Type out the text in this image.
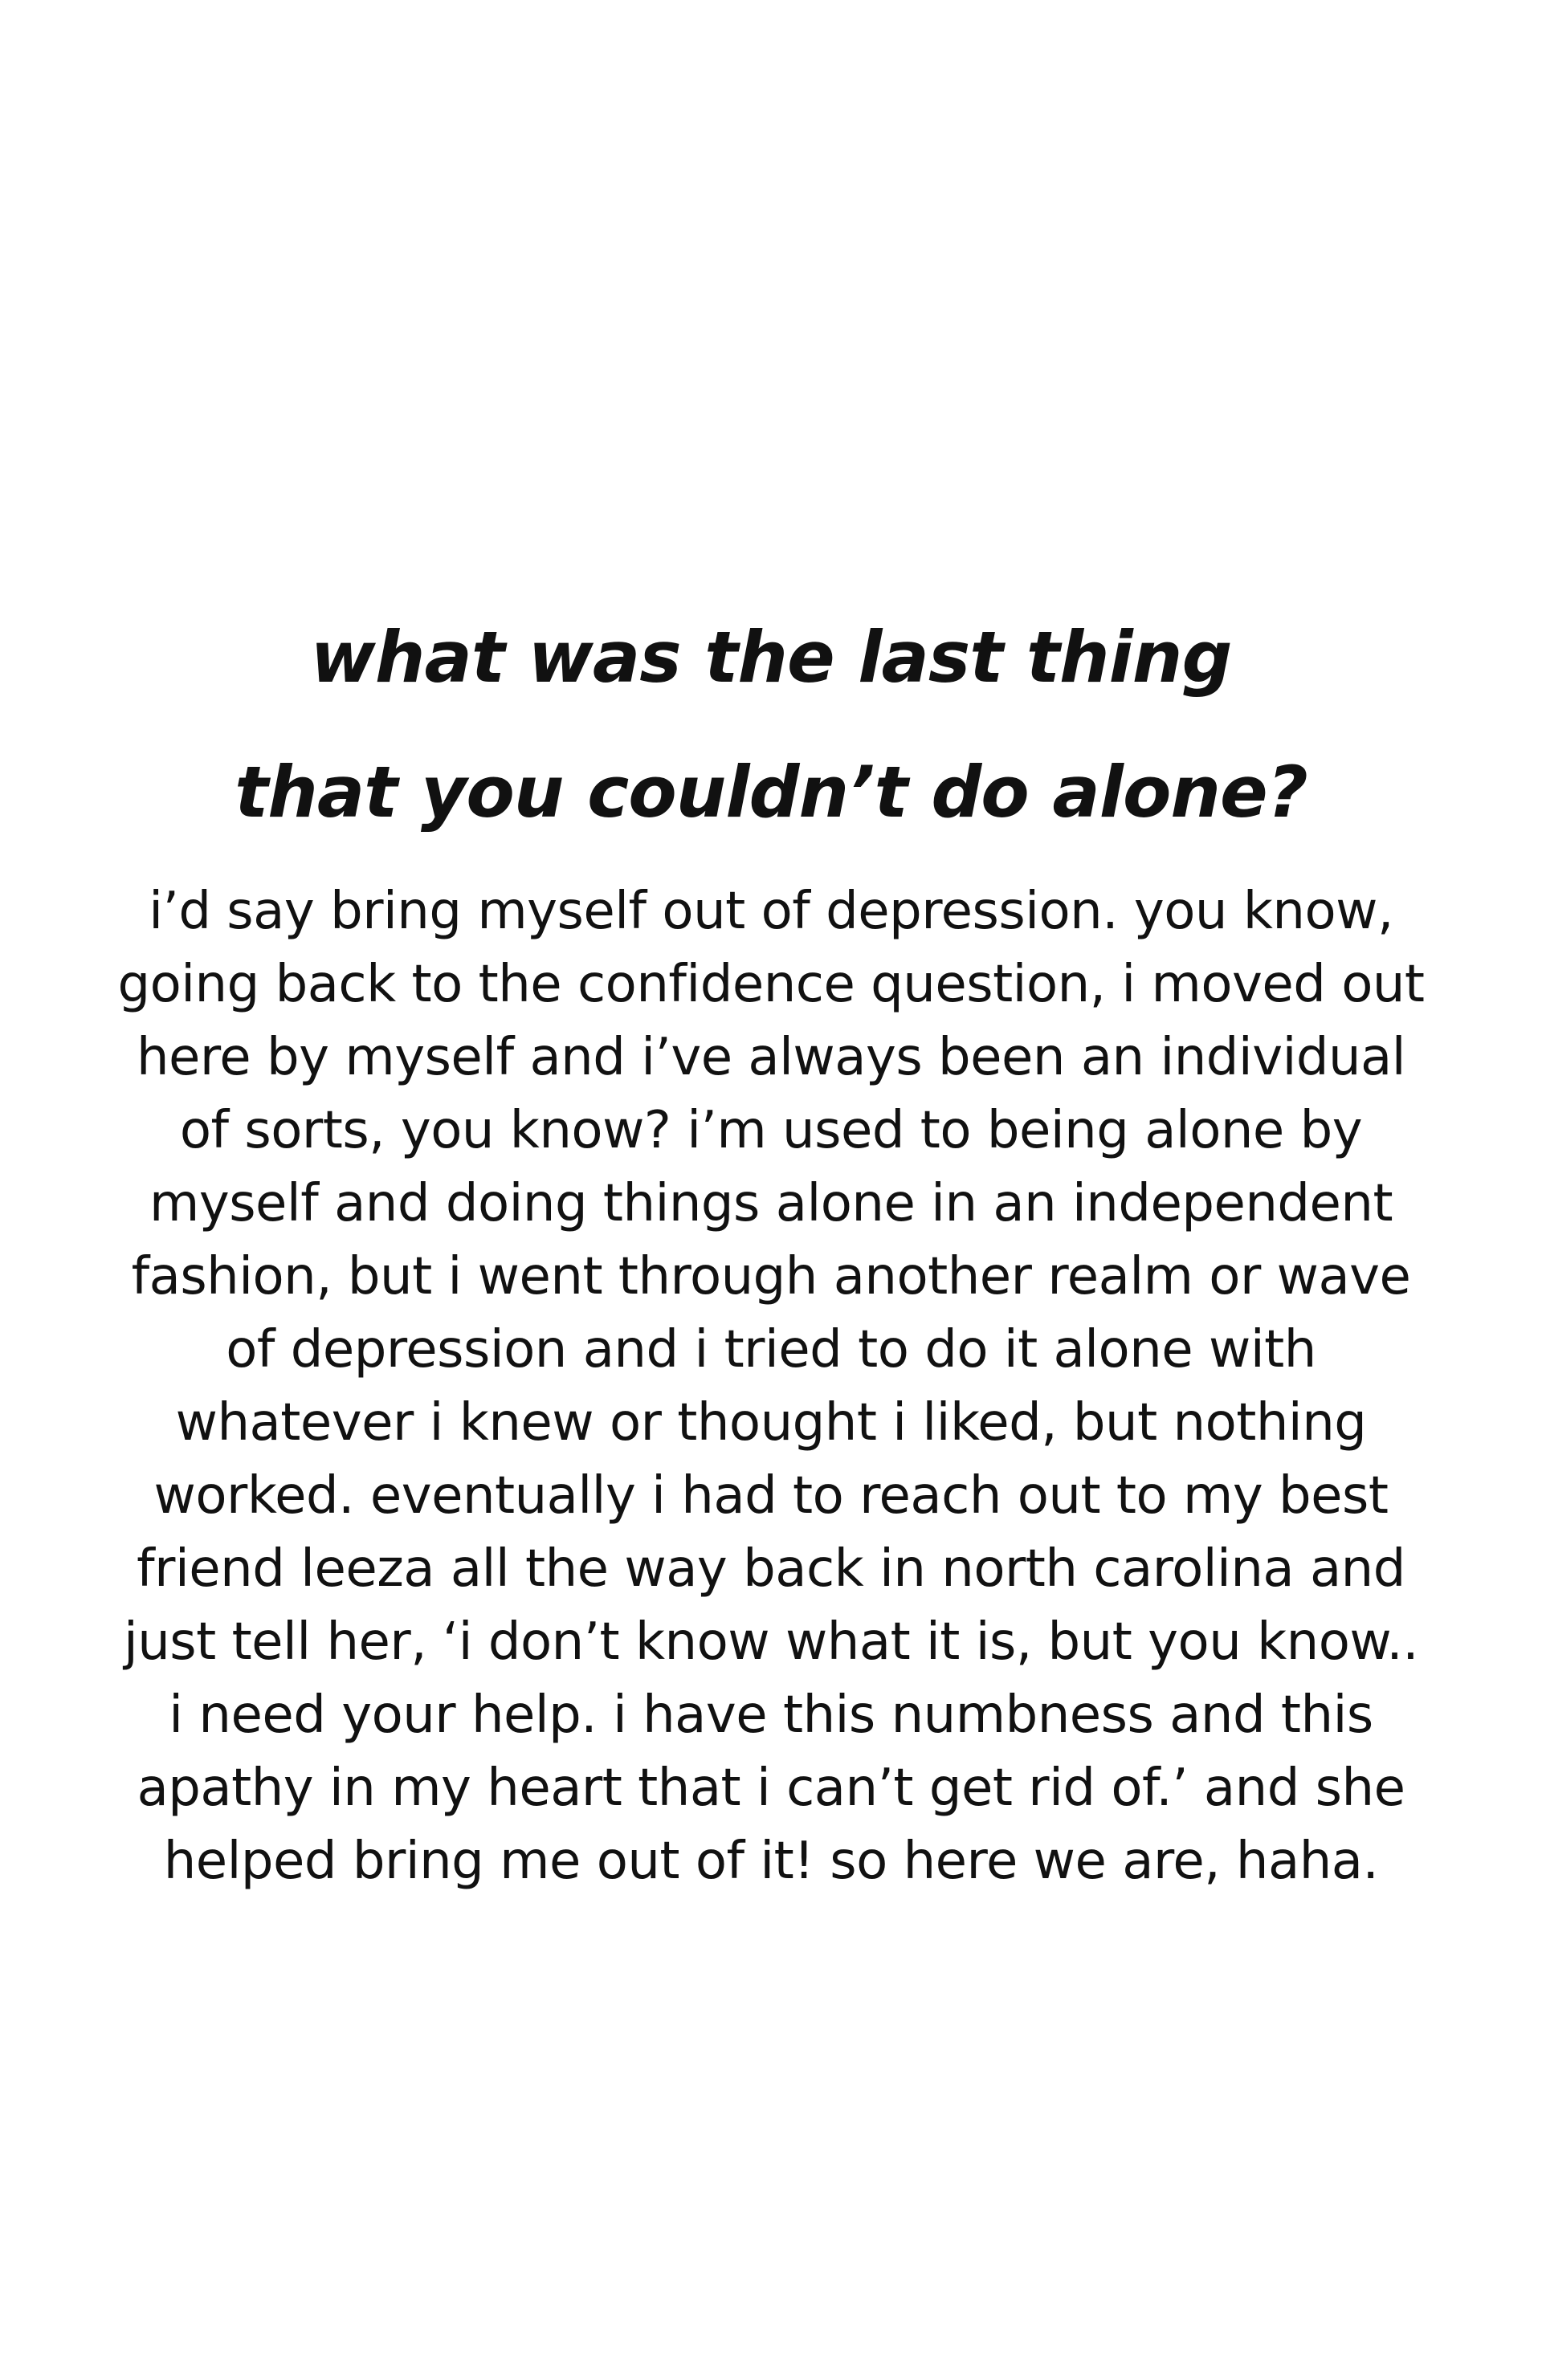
what was the last thing
that you couldn’t do alone?

i’d say bring myself out of depression. you know,
going back to the confidence question, i moved out
here by myself and i’ve always been an individual
of sorts, you know? i’m used to being alone by
myself and doing things alone in an independent
fashion, but i went through another realm or wave
of depression and i tried to do it alone with
whatever i knew or thought i liked, but nothing
worked. eventually i had to reach out to my best
friend leeza all the way back in north carolina and
just tell her, ‘i don’t know what it is, but you know..
i need your help. i have this numbness and this
apathy in my heart that i can’t get rid of.’ and she
helped bring me out of it! so here we are, haha.
